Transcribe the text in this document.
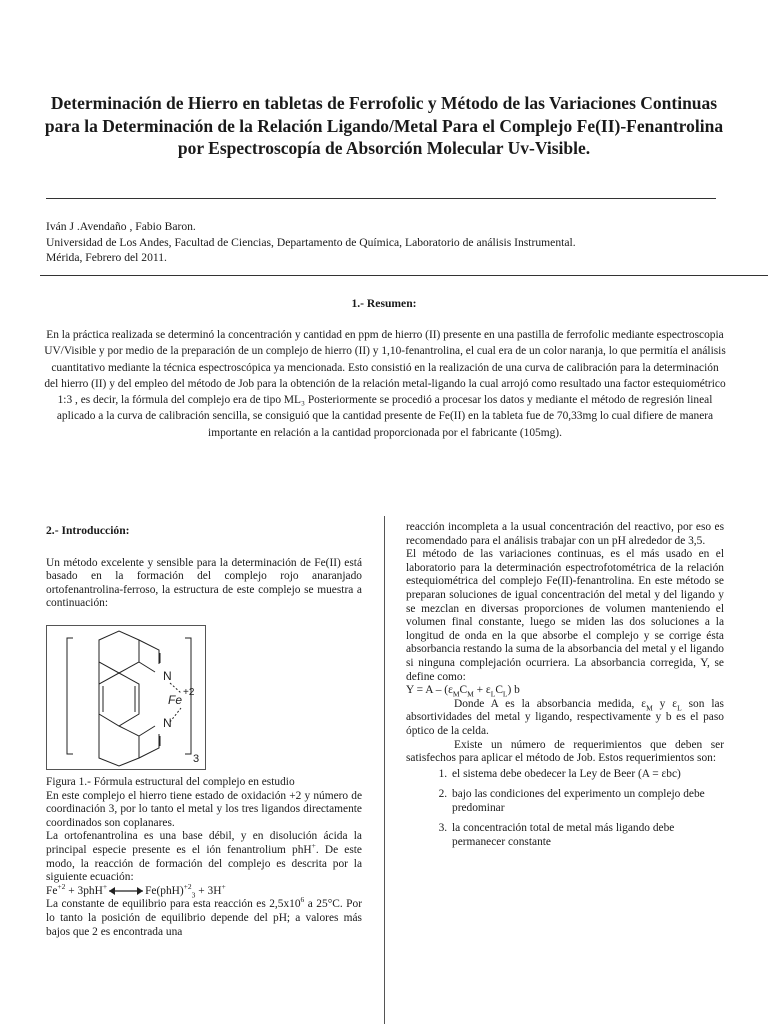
Determinación de Hierro en tabletas de Ferrofolic y Método de las Variaciones Continuas para la Determinación de la Relación Ligando/Metal Para el Complejo Fe(II)-Fenantrolina por Espectroscopía de Absorción Molecular Uv-Visible.
Iván J .Avendaño , Fabio Baron.
Universidad de Los Andes, Facultad de Ciencias, Departamento de Química, Laboratorio de análisis Instrumental.
Mérida, Febrero del 2011.
1.- Resumen:
En la práctica realizada se determinó la concentración y cantidad en ppm de hierro (II) presente en una pastilla de ferrofolic mediante espectroscopia UV/Visible y por medio de la preparación de un complejo de hierro (II) y 1,10-fenantrolina, el cual era de un color naranja, lo que permitía el análisis cuantitativo mediante la técnica espectroscópica ya mencionada. Esto consistió en la realización de una curva de calibración para la determinación del hierro (II) y del empleo del método de Job para la obtención de la relación metal-ligando la cual arrojó como resultado una factor estequiométrico 1:3 , es decir, la fórmula del complejo era de tipo ML₃ Posteriormente se procedió a procesar los datos y mediante el método de regresión lineal aplicado a la curva de calibración sencilla, se consiguió que la cantidad presente de Fe(II) en la tableta fue de 70,33mg lo cual difiere de manera importante en relación a la cantidad proporcionada por el fabricante (105mg).
2.- Introducción:

Un método excelente y sensible para la determinación de Fe(II) está basado en la formación del complejo rojo anaranjado ortofenantrolina-ferroso, la estructura de este complejo se muestra a continuación:

N
N
Fe
+2
3

Figura 1.- Fórmula estructural del complejo en estudio

En este complejo el hierro tiene estado de oxidación +2 y número de coordinación 3, por lo tanto el metal y los tres ligandos directamente coordinados son coplanares.

La ortofenantrolina es una base débil, y en disolución ácida la principal especie presente es el ión fenantrolium phH+. De este modo, la reacción de formación del complejo es descrita por la siguiente ecuación:

$Fe^{+2} + 3phH^+$	Fe(phH)$^{+2}_3$ + 3H+

La constante de equilibrio para esta reacción es $2,5x10^6$ a 25°C. Por lo tanto la posición de equilibrio depende del pH; a valores más bajos que 2 es encontrada una

reacción incompleta a la usual concentración del reactivo, por eso es recomendado para el análisis trabajar con un pH alrededor de 3,5.

El método de las variaciones continuas, es el más usado en el laboratorio para la determinación espectrofotométrica de la relación estequiométrica del complejo Fe(II)-fenantrolina. En este método se preparan soluciones de igual concentración del metal y del ligando y se mezclan en diversas proporciones de volumen manteniendo el volumen final constante, luego se miden las dos soluciones a la longitud de onda en la que absorbe el complejo y se corrige ésta absorbancia restando la suma de la absorbancia del metal y el ligando si ninguna complejación ocurriera. La absorbancia corregida, Y, se define como:

$Y = A - (\varepsilon_MC_M + \varepsilon_LC_L)$ b

Donde A es la absorbancia medida, $\varepsilon_M$ y $\varepsilon_L$ son las absortividades del metal y ligando, respectivamente y b es el paso óptico de la celda.

Existe un número de requerimientos que deben ser satisfechos para aplicar el método de Job. Estos requerimientos son:

1. el sistema debe obedecer la Ley de Beer (A = εbc)
2. bajo las condiciones del experimento un complejo debe predominar
3. la concentración total de metal más ligando debe permanecer constante
